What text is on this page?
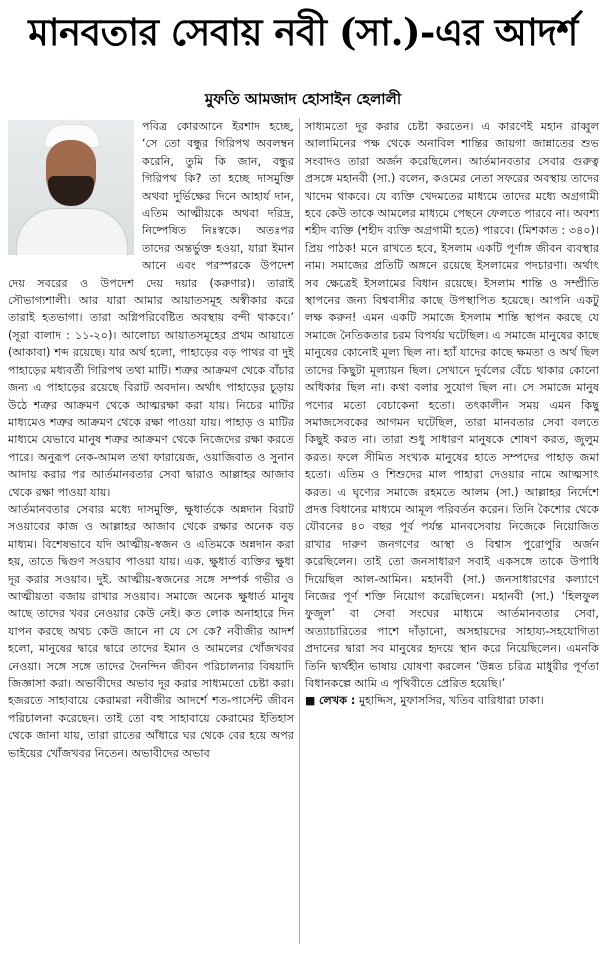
মানবতার সেবায় নবী (সা.)-এর আদর্শ
মুফতি আমজাদ হোসাইন হেলালী

পবিত্র কোরআনে ইরশাদ হচ্ছে, ‘সে তো বন্ধুর গিরিপথ অবলম্বন করেনি, তুমি কি জান, বন্ধুর গিরিপথ কি? তা হচ্ছে দাসমুক্তি অথবা দুর্ভিক্ষের দিনে আহার্য দান, এতিম আত্মীয়কে অথবা দরিদ্র, নিষ্পেষিত নিঃস্বকে। অতঃপর তাদের অন্তর্ভুক্ত হওয়া, যারা ইমান আনে এবং পরস্পরকে উপদেশ দেয় সবরের ও উপদেশ দেয় দয়ার (করুণার)। তারাই সৌভাগ্যশালী। আর যারা আমার আয়াতসমূহ অস্বীকার করে তারাই হতভাগা। তারা অগ্নিপরিবেষ্টিত অবস্থায় বন্দী থাকবে।’ (সূরা বালাদ : ১১-২০)। আলোচ্য আয়াতসমূহের প্রথম আয়াতে (আকাবা) শব্দ রয়েছে। যার অর্থ হলো, পাহাড়ের বড় পাথর বা দুই পাহাড়ের মধ্যবর্তী গিরিপথ তথা মাটি। শত্রুর আক্রমণ থেকে বাঁচার জন্য এ পাহাড়ের রয়েছে বিরাট অবদান। অর্থাৎ পাহাড়ের চূড়ায় উঠে শত্রুর আক্রমণ থেকে আত্মরক্ষা করা যায়। নিচের মাটির মাধ্যমেও শত্রুর আক্রমণ থেকে রক্ষা পাওয়া যায়। পাহাড় ও মাটির মাধ্যমে যেভাবে মানুষ শত্রুর আক্রমণ থেকে নিজেদের রক্ষা করতে পারে। অনুরূপ নেক-আমল তথা ফারায়েজ, ওয়াজিবাত ও সুনান আদায় করার পর আর্তমানবতার সেবা দ্বারাও আল্লাহর আজাব থেকে রক্ষা পাওয়া যায়।

আর্তমানবতার সেবার মধ্যে দাসমুক্তি, ক্ষুধার্তকে অন্নদান বিরাট সওয়াবের কাজ ও আল্লাহর আজাব থেকে রক্ষার অনেক বড় মাধ্যম। বিশেষভাবে যদি আত্মীয়-স্বজন ও এতিমকে অন্নদান করা হয়, তাতে দ্বিগুণ সওয়াব পাওয়া যায়। এক. ক্ষুধার্ত ব্যক্তির ক্ষুধা দূর করার সওয়াব। দুই. আত্মীয়-স্বজনের সঙ্গে সম্পর্ক গভীর ও আত্মীয়তা বজায় রাখার সওয়াব। সমাজে অনেক ক্ষুধার্ত মানুষ আছে তাদের খবর নেওয়ার কেউ নেই। কত লোক অনাহারে দিন যাপন করছে অথচ কেউ জানে না যে সে কে? নবীজীর আদর্শ হলো, মানুষের দ্বারে দ্বারে তাদের ইমান ও আমলের খোঁজখবর নেওয়া। সঙ্গে সঙ্গে তাদের দৈনন্দিন জীবন পরিচালনার বিষয়াদি জিজ্ঞাসা করা। অভাবীদের অভাব দূর করার সাধ্যমতো চেষ্টা করা। হজরতে সাহাবায়ে কেরামরা নবীজীর আদর্শে শত-পার্সেন্ট জীবন পরিচালনা করেছেন। তাই তো বহু সাহাবায়ে কেরামের ইতিহাস থেকে জানা যায়, তারা রাতের আঁধারে ঘর থেকে বের হয়ে অপর ভাইয়ের খোঁজখবর নিতেন। অভাবীদের অভাব

সাধ্যমতো দূর করার চেষ্টা করতেন। এ কারণেই মহান রাব্বুল আলামিনের পক্ষ থেকে অনাবিল শান্তির জায়গা জান্নাতের শুভ সংবাদও তারা অর্জন করেছিলেন। আর্তমানবতার সেবার গুরুত্ব প্রসঙ্গে মহানবী (সা.) বলেন, কওমের নেতা সফরের অবস্থায় তাদের খাদেম থাকবে। যে ব্যক্তি খেদমতের মাধ্যমে তাদের মধ্যে অগ্রগামী হবে কেউ তাকে আমলের মাধ্যমে পেছনে ফেলতে পারবে না। অবশ্য শহীদ ব্যক্তি (শহীদ ব্যক্তি অগ্রগামী হতে) পারবে। (মিশকাত : ৩৪০)। প্রিয় পাঠক! মনে রাখতে হবে, ইসলাম একটি পূর্ণাঙ্গ জীবন ব্যবস্থার নাম। সমাজের প্রতিটি অঙ্গনে রয়েছে ইসলামের পদচারণা। অর্থাৎ সব ক্ষেত্রেই ইসলামের বিধান রয়েছে। ইসলাম শান্তি ও সম্প্রীতি স্থাপনের জন্য বিশ্ববাসীর কাছে উপস্থাপিত হয়েছে। আপনি একটু লক্ষ করুন! এমন একটি সমাজে ইসলাম শান্তি স্থাপন করছে যে সমাজে নৈতিকতার চরম বিপর্যয় ঘটেছিল। এ সমাজে মানুষের কাছে মানুষের কোনোই মূল্য ছিল না। হ্যাঁ যাদের কাছে ক্ষমতা ও অর্থ ছিল তাদের কিছুটা মূল্যায়ন ছিল। সেখানে দুর্বলের বেঁচে থাকার কোনো অধিকার ছিল না। কথা বলার সুযোগ ছিল না। সে সমাজে মানুষ পণ্যের মতো বেচাকেনা হতো। তৎকালীন সময় এমন কিছু সমাজসেবকের আগমন ঘটেছিল, তারা মানবতার সেবা বলতে কিছুই করত না। তারা শুধু সাধারণ মানুষকে শোষণ করত, জুলুম করত। ফলে সীমিত সংখ্যক মানুষের হাতে সম্পদের পাহাড় জমা হতো। এতিম ও শিশুদের মাল পাহারা দেওয়ার নামে আত্মসাৎ করত। এ ঘৃণ্যের সমাজে রহমতে আলম (সা.) আল্লাহর নির্দেশে প্রদত্ত বিধানের মাধ্যমে আমূল পরিবর্তন করেন। তিনি কৈশোর থেকে যৌবনের ৪০ বছর পূর্ব পর্যন্ত মানবসেবায় নিজেকে নিয়োজিত রাখার দারুণ জনগণের আস্থা ও বিশ্বাস পুরোপুরি অর্জন করেছিলেন। তাই তো জনসাধারণ সবাই একসঙ্গে তাকে উপাধি দিয়েছিল আল-আমিন। মহানবী (সা.) জনসাধারণের কল্যাণে নিজের পূর্ণ শক্তি নিয়োগ করেছিলেন। মহানবী (সা.) ‘হিলফুল ফুজুল’ বা সেবা সংঘের মাধ্যমে আর্তমানবতার সেবা, অত্যাচারিতের পাশে দাঁড়ানো, অসহায়দের সাহায্য-সহযোগিতা প্রদানের দ্বারা সব মানুষের হৃদয়ে স্থান করে নিয়েছিলেন। এমনকি তিনি দ্ব্যর্থহীন ভাষায় যোষণা করলেন ‘উন্নত চরিত্র মাধুরীর পূর্ণতা বিধানকল্পে আমি এ পৃথিবীতে প্রেরিত হয়েছি।’

■ লেখক : মুহাদ্দিস, মুফাসসির, খতিব বারিধারা ঢাকা।
